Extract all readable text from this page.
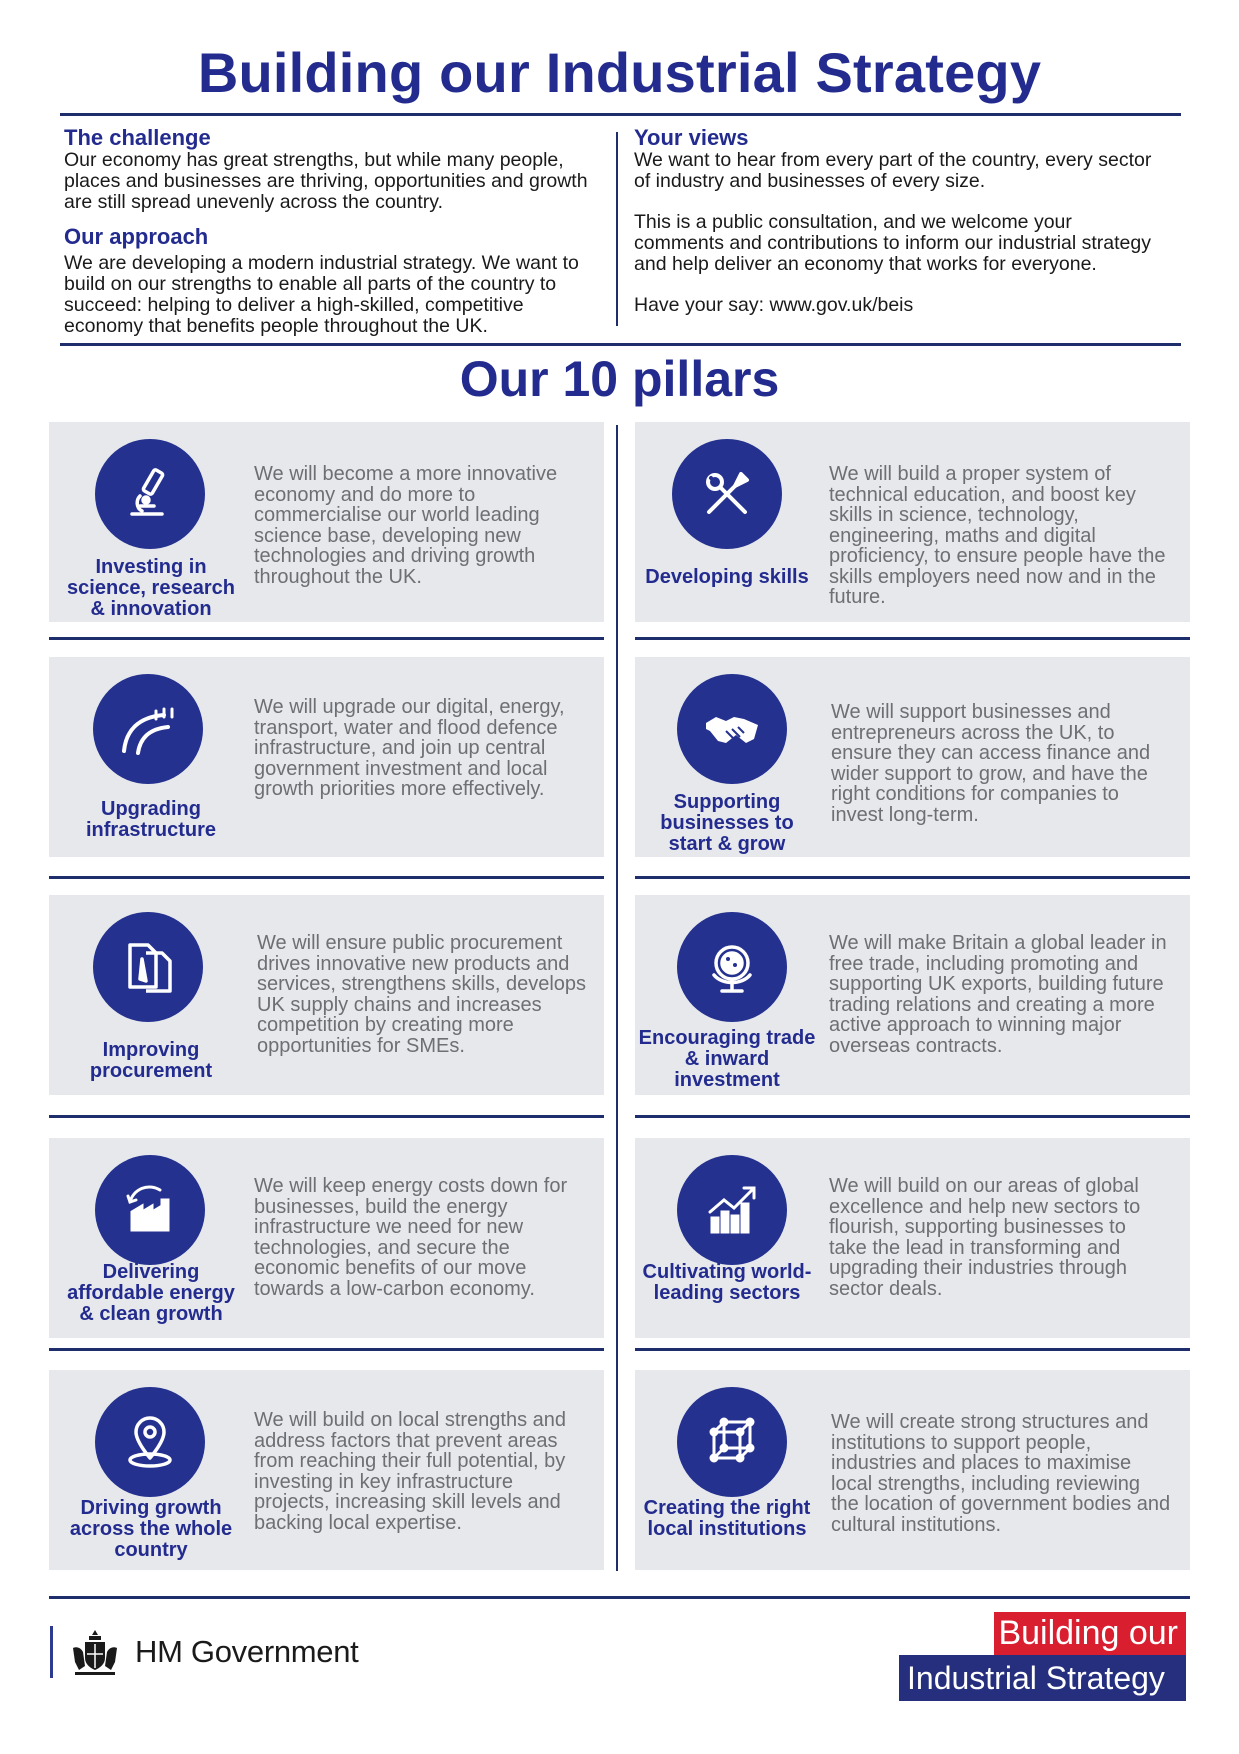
Building our Industrial Strategy
The challenge

Our economy has great strengths, but while many people, places and businesses are thriving, opportunities and growth are still spread unevenly across the country.

Our approach

We are developing a modern industrial strategy. We want to build on our strengths to enable all parts of the country to succeed: helping to deliver a high-skilled, competitive economy that benefits people throughout the UK.

Your views

We want to hear from every part of the country, every sector of industry and businesses of every size.

This is a public consultation, and we welcome your comments and contributions to inform our industrial strategy and help deliver an economy that works for everyone.

Have your say: www.gov.uk/beis

Our 10 pillars
Investing in science, research & innovation
We will become a more innovative economy and do more to commercialise our world leading science base, developing new technologies and driving growth throughout the UK.	Developing skills
We will build a proper system of technical education, and boost key skills in science, technology, engineering, maths and digital proficiency, to ensure people have the skills employers need now and in the future.
Upgrading infrastructure
We will upgrade our digital, energy, transport, water and flood defence infrastructure, and join up central government investment and local growth priorities more effectively.
Supporting businesses to start & grow
We will support businesses and entrepreneurs across the UK, to ensure they can access finance and wider support to grow, and have the right conditions for companies to invest long-term.
Improving procurement
We will ensure public procurement drives innovative new products and services, strengthens skills, develops UK supply chains and increases competition by creating more opportunities for SMEs.	Encouraging trade & inward investment
We will make Britain a global leader in free trade, including promoting and supporting UK exports, building future trading relations and creating a more active approach to winning major overseas contracts.
Delivering affordable energy & clean growth
We will keep energy costs down for businesses, build the energy infrastructure we need for new technologies, and secure the economic benefits of our move towards a low-carbon economy.
Cultivating world-leading sectors
We will build on our areas of global excellence and help new sectors to flourish, supporting businesses to take the lead in transforming and upgrading their industries through sector deals.
Driving growth across the whole country
We will build on local strengths and address factors that prevent areas from reaching their full potential, by investing in key infrastructure projects, increasing skill levels and backing local expertise.
Creating the right local institutions
We will create strong structures and institutions to support people, industries and places to maximise local strengths, including reviewing the location of government bodies and cultural institutions.
HM Government	Building our
Industrial Strategy
